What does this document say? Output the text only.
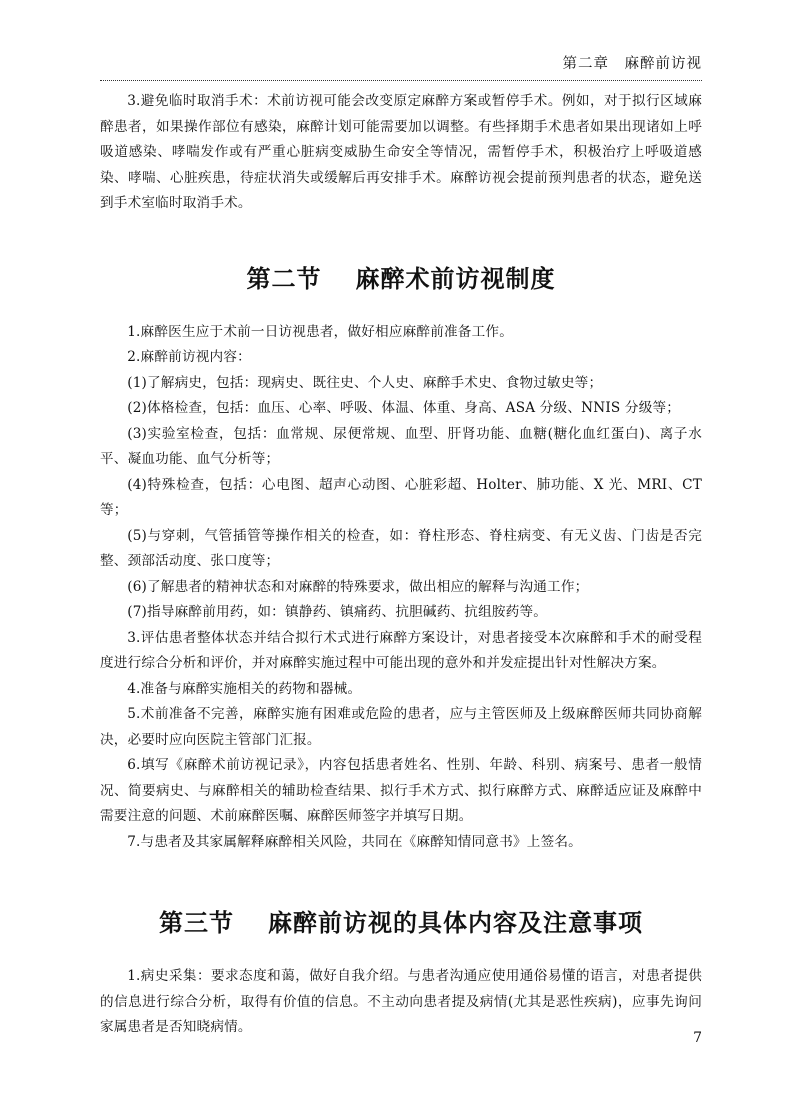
第二章　麻醉前访视

3.避免临时取消手术：术前访视可能会改变原定麻醉方案或暂停手术。例如，对于拟行区域麻醉患者，如果操作部位有感染，麻醉计划可能需要加以调整。有些择期手术患者如果出现诸如上呼吸道感染、哮喘发作或有严重心脏病变威胁生命安全等情况，需暂停手术，积极治疗上呼吸道感染、哮喘、心脏疾患，待症状消失或缓解后再安排手术。麻醉访视会提前预判患者的状态，避免送到手术室临时取消手术。

第二节 麻醉术前访视制度

1.麻醉医生应于术前一日访视患者，做好相应麻醉前准备工作。

2.麻醉前访视内容：

(1)了解病史，包括：现病史、既往史、个人史、麻醉手术史、食物过敏史等；

(2)体格检查，包括：血压、心率、呼吸、体温、体重、身高、ASA 分级、NNIS 分级等；

(3)实验室检查，包括：血常规、尿便常规、血型、肝肾功能、血糖(糖化血红蛋白)、离子水平、凝血功能、血气分析等；

(4)特殊检查，包括：心电图、超声心动图、心脏彩超、Holter、肺功能、X 光、MRI、CT 等；

(5)与穿刺，气管插管等操作相关的检查，如：脊柱形态、脊柱病变、有无义齿、门齿是否完整、颈部活动度、张口度等；

(6)了解患者的精神状态和对麻醉的特殊要求，做出相应的解释与沟通工作；

(7)指导麻醉前用药，如：镇静药、镇痛药、抗胆碱药、抗组胺药等。

3.评估患者整体状态并结合拟行术式进行麻醉方案设计，对患者接受本次麻醉和手术的耐受程度进行综合分析和评价，并对麻醉实施过程中可能出现的意外和并发症提出针对性解决方案。

4.准备与麻醉实施相关的药物和器械。

5.术前准备不完善，麻醉实施有困难或危险的患者，应与主管医师及上级麻醉医师共同协商解决，必要时应向医院主管部门汇报。

6.填写《麻醉术前访视记录》，内容包括患者姓名、性别、年龄、科别、病案号、患者一般情况、简要病史、与麻醉相关的辅助检查结果、拟行手术方式、拟行麻醉方式、麻醉适应证及麻醉中需要注意的问题、术前麻醉医嘱、麻醉医师签字并填写日期。

7.与患者及其家属解释麻醉相关风险，共同在《麻醉知情同意书》上签名。

第三节 麻醉前访视的具体内容及注意事项

1.病史采集：要求态度和蔼，做好自我介绍。与患者沟通应使用通俗易懂的语言，对患者提供的信息进行综合分析，取得有价值的信息。不主动向患者提及病情(尤其是恶性疾病)，应事先询问家属患者是否知晓病情。

7
